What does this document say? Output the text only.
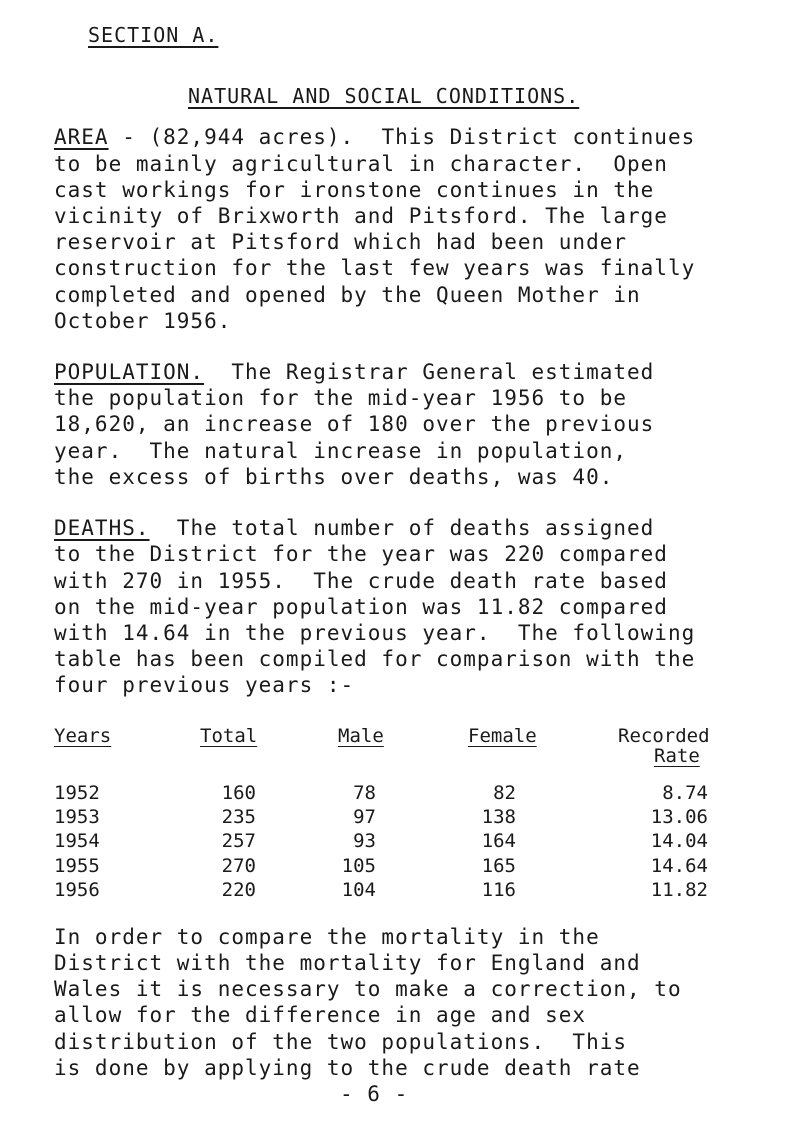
SECTION A.
NATURAL AND SOCIAL CONDITIONS.
AREA - (82,944 acres).  This District continues
to be mainly agricultural in character.  Open
cast workings for ironstone continues in the
vicinity of Brixworth and Pitsford. The large
reservoir at Pitsford which had been under
construction for the last few years was finally
completed and opened by the Queen Mother in
October 1956.
POPULATION.  The Registrar General estimated
the population for the mid-year 1956 to be
18,620, an increase of 180 over the previous
year.  The natural increase in population,
the excess of births over deaths, was 40.
DEATHS.  The total number of deaths assigned
to the District for the year was 220 compared
with 270 in 1955.  The crude death rate based
on the mid-year population was 11.82 compared
with 14.64 in the previous year.  The following
table has been compiled for comparison with the
four previous years :-
Years	Total	Male	Female	Recorded
Rate
1952	160	78	82	8.74
1953	235	97	138	13.06
1954	257	93	164	14.04
1955	270	105	165	14.64
1956	220	104	116	11.82
In order to compare the mortality in the
District with the mortality for England and
Wales it is necessary to make a correction, to
allow for the difference in age and sex
distribution of the two populations.  This
is done by applying to the crude death rate
- 6 -
